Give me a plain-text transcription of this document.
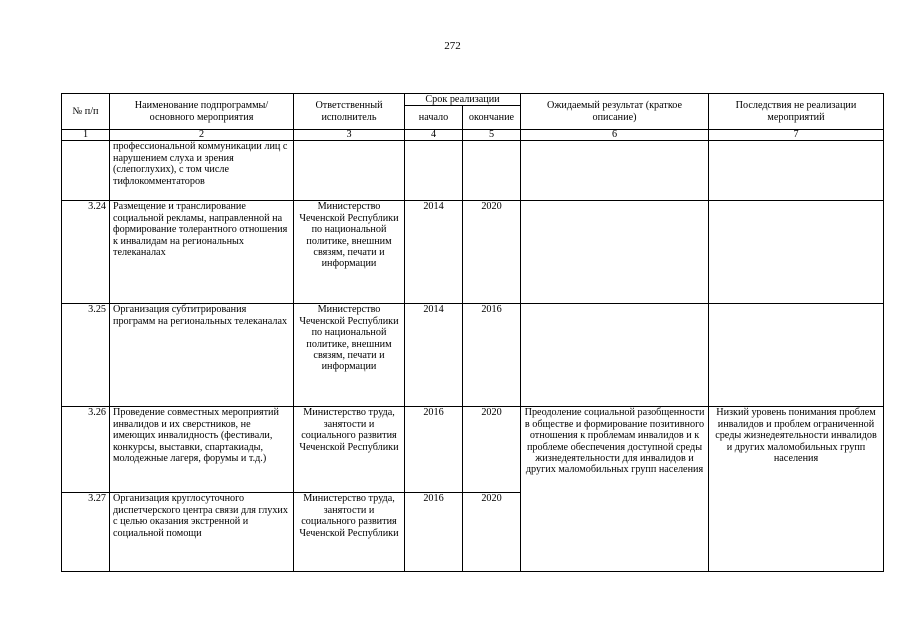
272
№ п/п	Наименование подпрограммы/ основного мероприятия	Ответственный исполнитель	Срок реализации		Ожидаемый результат (краткое описание)	Последствия не реализации мероприятий
			начало	окончание		
1	2	3	4	5	6	7
	профессиональной коммуникации лиц с нарушением слуха и зрения (слепоглухих), с том числе тифлокомментаторов					
3.24	Размещение и транслирование социальной рекламы, направленной на формирование толерантного отношения к инвалидам на региональных телеканалах	Министерство Чеченской Республики по национальной политике, внешним связям, печати и информации	2014	2020		
3.25	Организация субтитрирования программ на региональных телеканалах	Министерство Чеченской Республики по национальной политике, внешним связям, печати и информации	2014	2016		
3.26	Проведение совместных мероприятий инвалидов и их сверстников, не имеющих инвалидность (фестивали, конкурсы, выставки, спартакиады, молодежные лагеря, форумы и т.д.)	Министерство труда, занятости и социального развития Чеченской Республики	2016	2020	Преодоление социальной разобщенности в обществе и формирование позитивного отношения к проблемам инвалидов и к проблеме обеспечения доступной среды жизнедеятельности для инвалидов и других маломобильных групп населения	Низкий уровень понимания проблем инвалидов и проблем ограниченной среды жизнедеятельности инвалидов и других маломобильных групп населения
3.27	Организация круглосуточного диспетчерского центра связи для глухих с целью оказания экстренной и социальной помощи	Министерство труда, занятости и социального развития Чеченской Республики	2016	2020		
